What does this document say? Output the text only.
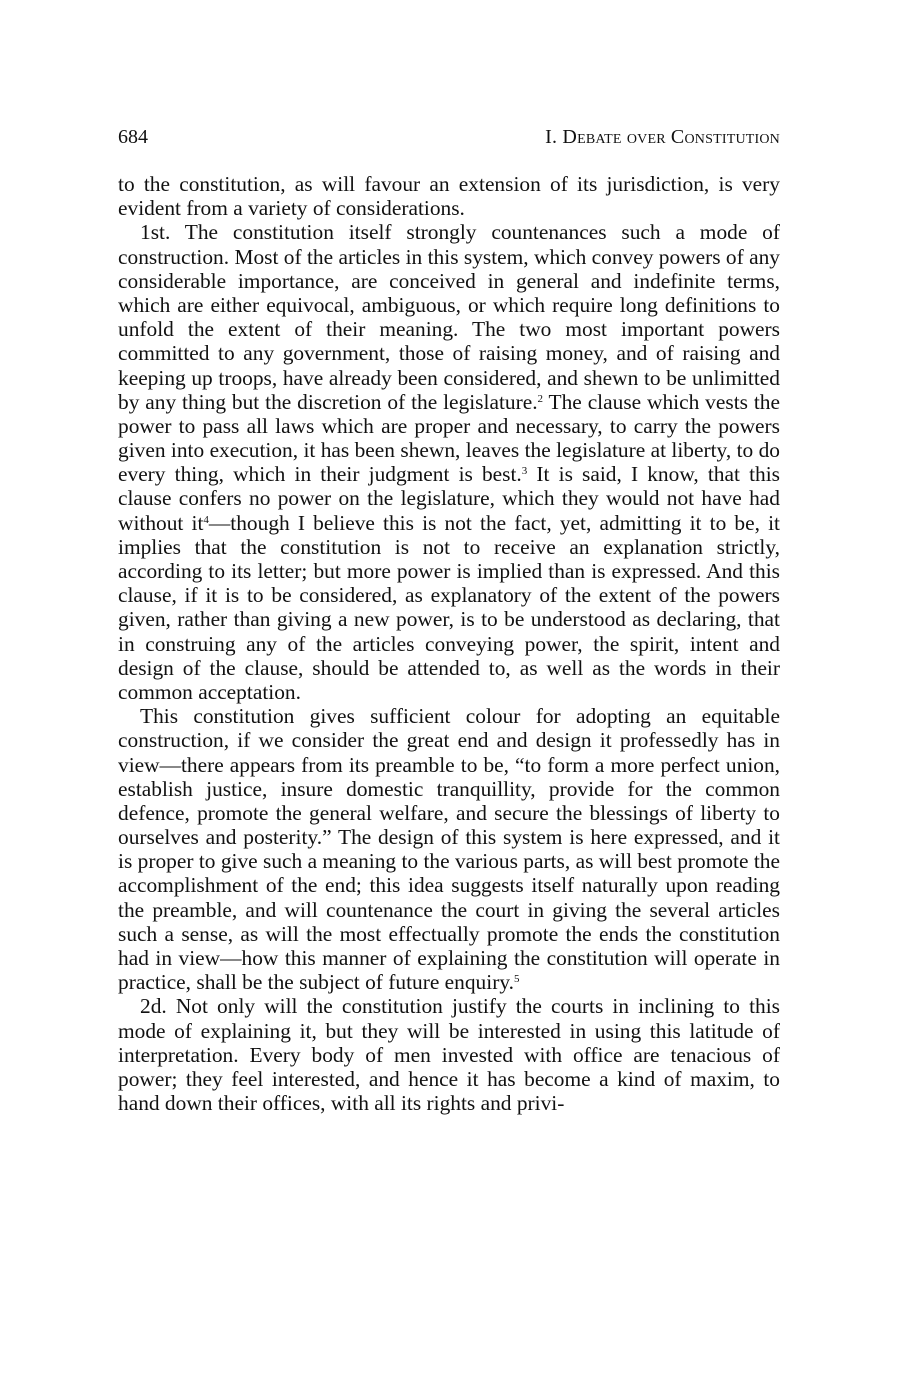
684	I. Debate over Constitution

to the constitution, as will favour an extension of its jurisdiction, is very evident from a variety of considerations.

1st. The constitution itself strongly countenances such a mode of construction. Most of the articles in this system, which convey powers of any considerable importance, are conceived in general and indefinite terms, which are either equivocal, ambiguous, or which require long definitions to unfold the extent of their meaning. The two most important powers committed to any government, those of raising money, and of raising and keeping up troops, have already been considered, and shewn to be unlimitted by any thing but the discretion of the legislature.$^2$ The clause which vests the power to pass all laws which are proper and necessary, to carry the powers given into execution, it has been shewn, leaves the legislature at liberty, to do every thing, which in their judgment is best.$^3$ It is said, I know, that this clause confers no power on the legislature, which they would not have had without $it^4—though$ I believe this is not the fact, yet, admitting it to be, it implies that the constitution is not to receive an explanation strictly, according to its letter; but more power is implied than is expressed. And this clause, if it is to be considered, as explanatory of the extent of the powers given, rather than giving a new power, is to be understood as declaring, that in construing any of the articles conveying power, the spirit, intent and design of the clause, should be attended to, as well as the words in their common acceptation.

This constitution gives sufficient colour for adopting an equitable construction, if we consider the great end and design it professedly has in view—there appears from its preamble to be, “to form a more perfect union, establish justice, insure domestic tranquillity, provide for the common defence, promote the general welfare, and secure the blessings of liberty to ourselves and posterity.” The design of this system is here expressed, and it is proper to give such a meaning to the various parts, as will best promote the accomplishment of the end; this idea suggests itself naturally upon reading the preamble, and will countenance the court in giving the several articles such a sense, as will the most effectually promote the ends the constitution had in view—how this manner of explaining the constitution will operate in practice, shall be the subject of future enquiry.$^5$

2d. Not only will the constitution justify the courts in inclining to this mode of explaining it, but they will be interested in using this latitude of interpretation. Every body of men invested with office are tenacious of power; they feel interested, and hence it has become a kind of maxim, to hand down their offices, with all its rights and privi-
